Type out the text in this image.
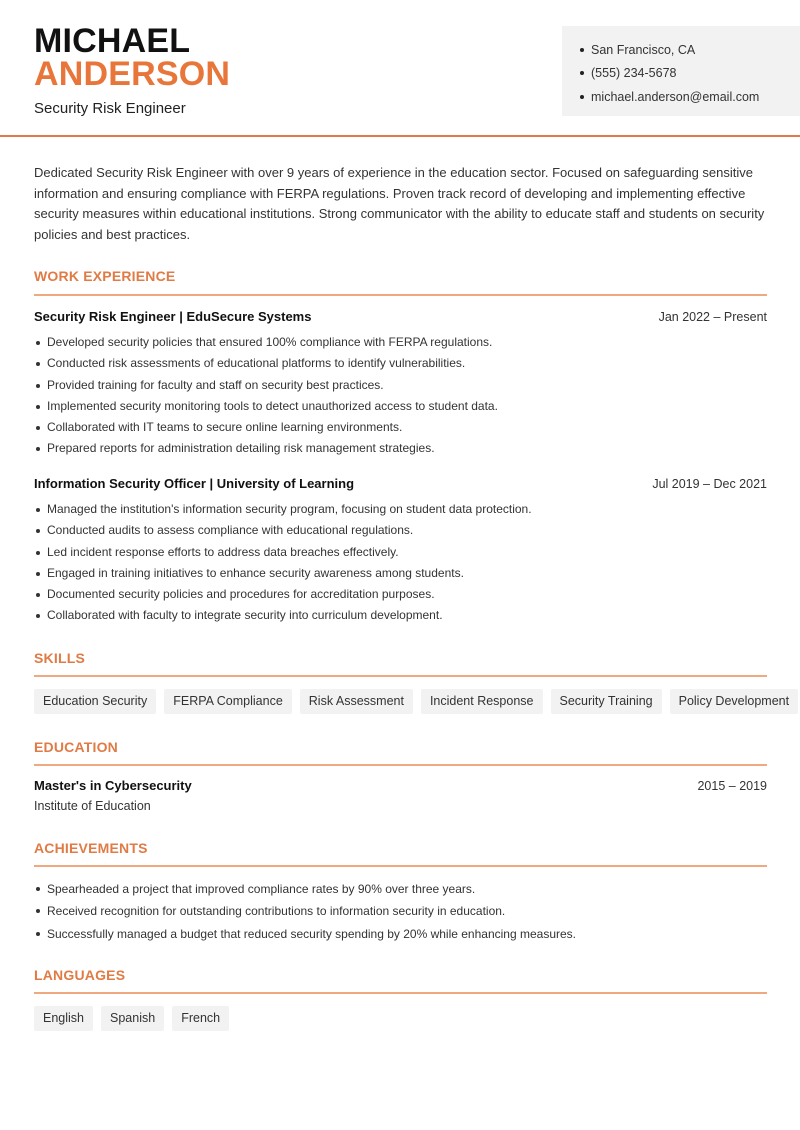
MICHAEL
ANDERSON
Security Risk Engineer
San Francisco, CA
(555) 234-5678
michael.anderson@email.com

Dedicated Security Risk Engineer with over 9 years of experience in the education sector. Focused on safeguarding sensitive information and ensuring compliance with FERPA regulations. Proven track record of developing and implementing effective security measures within educational institutions. Strong communicator with the ability to educate staff and students on security policies and best practices.

WORK EXPERIENCE
Security Risk Engineer | EduSecure Systems	Jan 2022 – Present
Developed security policies that ensured 100% compliance with FERPA regulations.
Conducted risk assessments of educational platforms to identify vulnerabilities.
Provided training for faculty and staff on security best practices.
Implemented security monitoring tools to detect unauthorized access to student data.
Collaborated with IT teams to secure online learning environments.
Prepared reports for administration detailing risk management strategies.
Information Security Officer | University of Learning	Jul 2019 – Dec 2021
Managed the institution's information security program, focusing on student data protection.
Conducted audits to assess compliance with educational regulations.
Led incident response efforts to address data breaches effectively.
Engaged in training initiatives to enhance security awareness among students.
Documented security policies and procedures for accreditation purposes.
Collaborated with faculty to integrate security into curriculum development.
SKILLS
Education Security	FERPA Compliance	Risk Assessment	Incident Response	Security Training	Policy Development
EDUCATION
Master's in Cybersecurity	2015 – 2019
Institute of Education
ACHIEVEMENTS
Spearheaded a project that improved compliance rates by 90% over three years.
Received recognition for outstanding contributions to information security in education.
Successfully managed a budget that reduced security spending by 20% while enhancing measures.
LANGUAGES
English	Spanish	French
